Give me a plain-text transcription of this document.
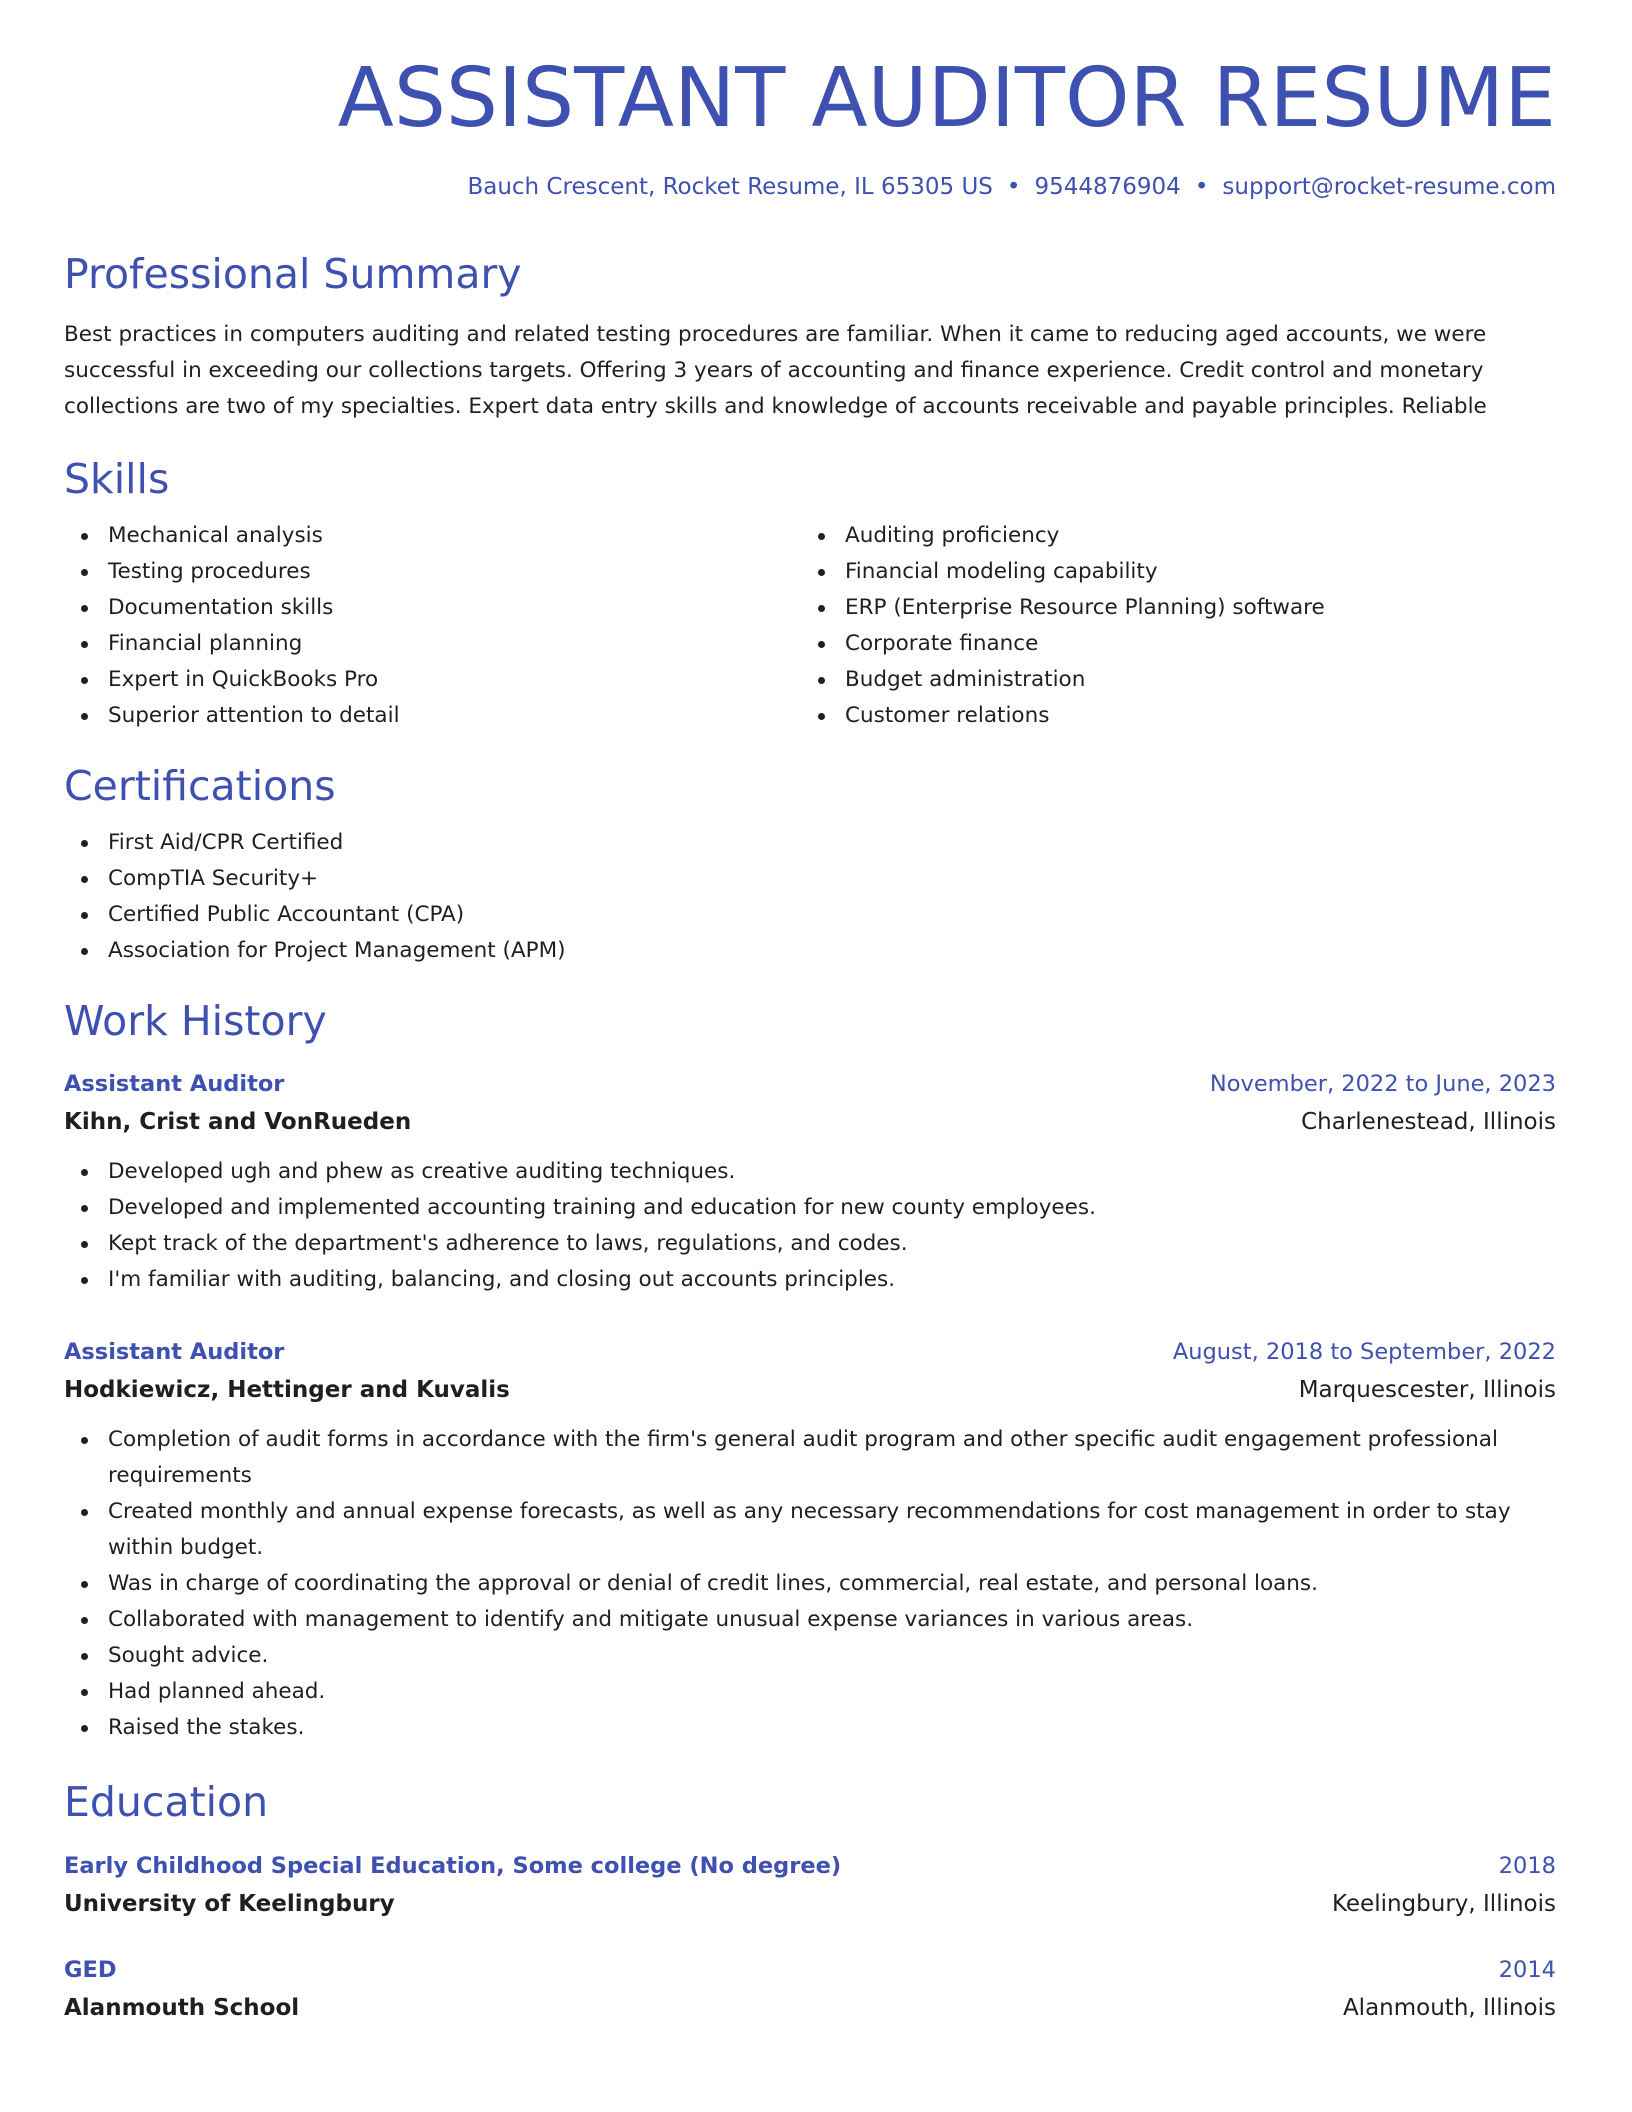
ASSISTANT AUDITOR RESUME
Bauch Crescent, Rocket Resume, IL 65305 US • 9544876904 • support@rocket-resume.com
Professional Summary

Best practices in computers auditing and related testing procedures are familiar. When it came to reducing aged accounts, we were successful in exceeding our collections targets. Offering 3 years of accounting and finance experience. Credit control and monetary collections are two of my specialties. Expert data entry skills and knowledge of accounts receivable and payable principles. Reliable

Skills
Mechanical analysis
Testing procedures
Documentation skills
Financial planning
Expert in QuickBooks Pro
Superior attention to detail
Auditing proficiency
Financial modeling capability
ERP (Enterprise Resource Planning) software
Corporate finance
Budget administration
Customer relations
Certifications
First Aid/CPR Certified
CompTIA Security+
Certified Public Accountant (CPA)
Association for Project Management (APM)
Work History
Assistant Auditor	November, 2022 to June, 2023
Kihn, Crist and VonRueden	Charlenestead, Illinois
Developed ugh and phew as creative auditing techniques.
Developed and implemented accounting training and education for new county employees.
Kept track of the department's adherence to laws, regulations, and codes.
I'm familiar with auditing, balancing, and closing out accounts principles.
Assistant Auditor	August, 2018 to September, 2022
Hodkiewicz, Hettinger and Kuvalis	Marquescester, Illinois
Completion of audit forms in accordance with the firm's general audit program and other specific audit engagement professional requirements
Created monthly and annual expense forecasts, as well as any necessary recommendations for cost management in order to stay within budget.
Was in charge of coordinating the approval or denial of credit lines, commercial, real estate, and personal loans.
Collaborated with management to identify and mitigate unusual expense variances in various areas.
Sought advice.
Had planned ahead.
Raised the stakes.
Education
Early Childhood Special Education, Some college (No degree)	2018
University of Keelingbury	Keelingbury, Illinois
GED	2014
Alanmouth School	Alanmouth, Illinois
